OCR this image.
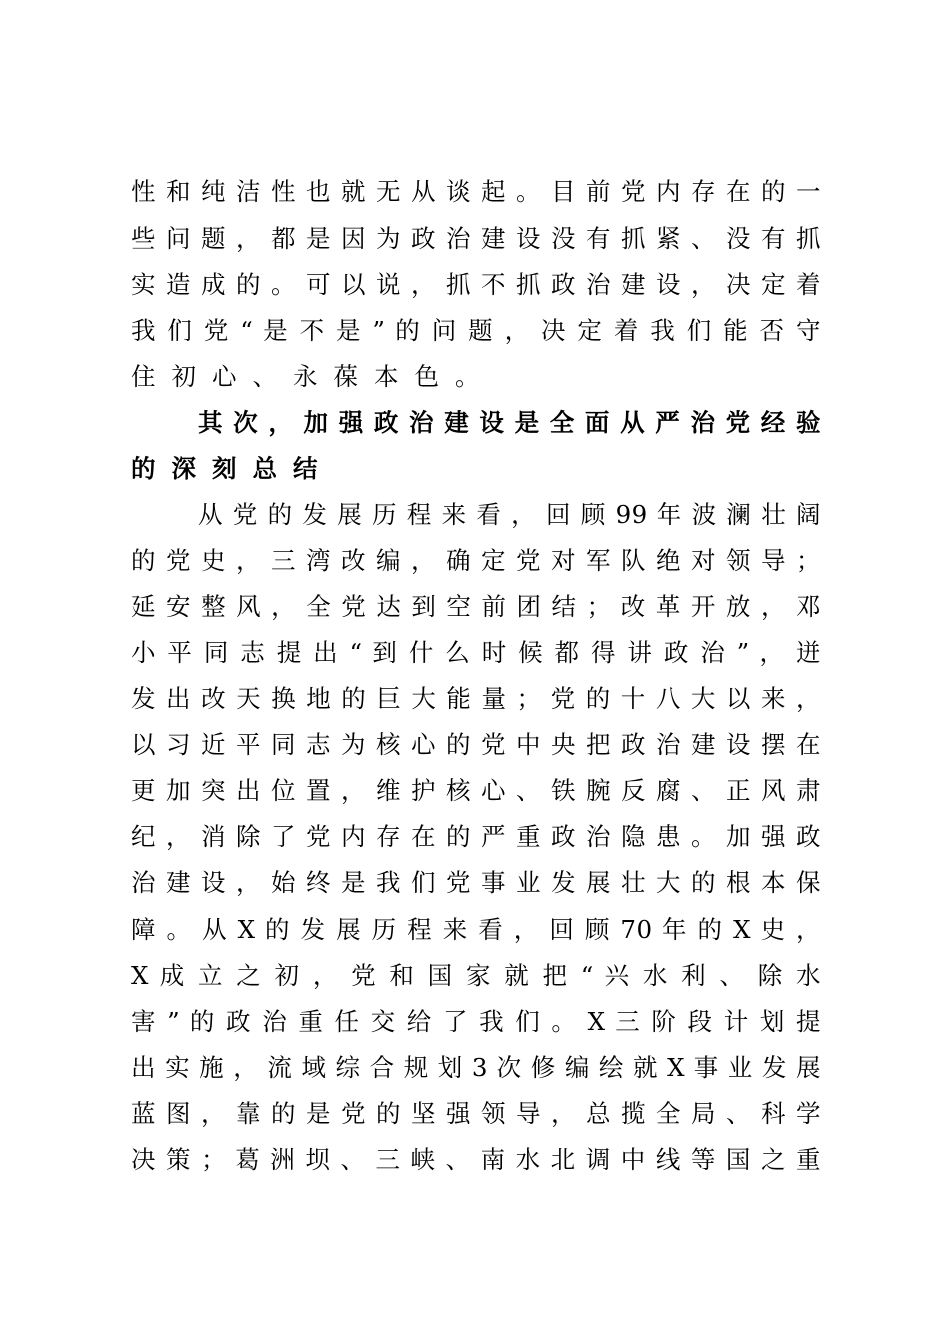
性 和 纯 洁 性 也 就 无 从 谈 起 。 目 前 党 内 存 在 的 一
些 问 题 ， 都 是 因 为 政 治 建 设 没 有 抓 紧 、 没 有 抓
实 造 成 的 。 可 以 说 ， 抓 不 抓 政 治 建 设 ， 决 定 着
我 们 党 “ 是 不 是 ” 的 问 题 ， 决 定 着 我 们 能 否 守
住初心、永葆本色。
其 次 ， 加 强 政 治 建 设 是 全 面 从 严 治 党 经 验
的深刻总结
从 党 的 发 展 历 程 来 看 ， 回 顾 99 年 波 澜 壮 阔
的 党 史 ， 三 湾 改 编 ， 确 定 党 对 军 队 绝 对 领 导 ；
延 安 整 风 ， 全 党 达 到 空 前 团 结 ； 改 革 开 放 ， 邓
小 平 同 志 提 出 “ 到 什 么 时 候 都 得 讲 政 治 ” ， 迸
发 出 改 天 换 地 的 巨 大 能 量 ； 党 的 十 八 大 以 来 ，
以 习 近 平 同 志 为 核 心 的 党 中 央 把 政 治 建 设 摆 在
更 加 突 出 位 置 ， 维 护 核 心 、 铁 腕 反 腐 、 正 风 肃
纪 ， 消 除 了 党 内 存 在 的 严 重 政 治 隐 患 。 加 强 政
治 建 设 ， 始 终 是 我 们 党 事 业 发 展 壮 大 的 根 本 保
障 。 从 X 的 发 展 历 程 来 看 ， 回 顾 70 年 的 X 史 ，
X 成 立 之 初 ， 党 和 国 家 就 把 “ 兴 水 利 、 除 水
害 ” 的 政 治 重 任 交 给 了 我 们 。 X 三 阶 段 计 划 提
出 实 施 ， 流 域 综 合 规 划 3 次 修 编 绘 就 X 事 业 发 展
蓝 图 ， 靠 的 是 党 的 坚 强 领 导 ， 总 揽 全 局 、 科 学
决 策 ； 葛 洲 坝 、 三 峡 、 南 水 北 调 中 线 等 国 之 重
